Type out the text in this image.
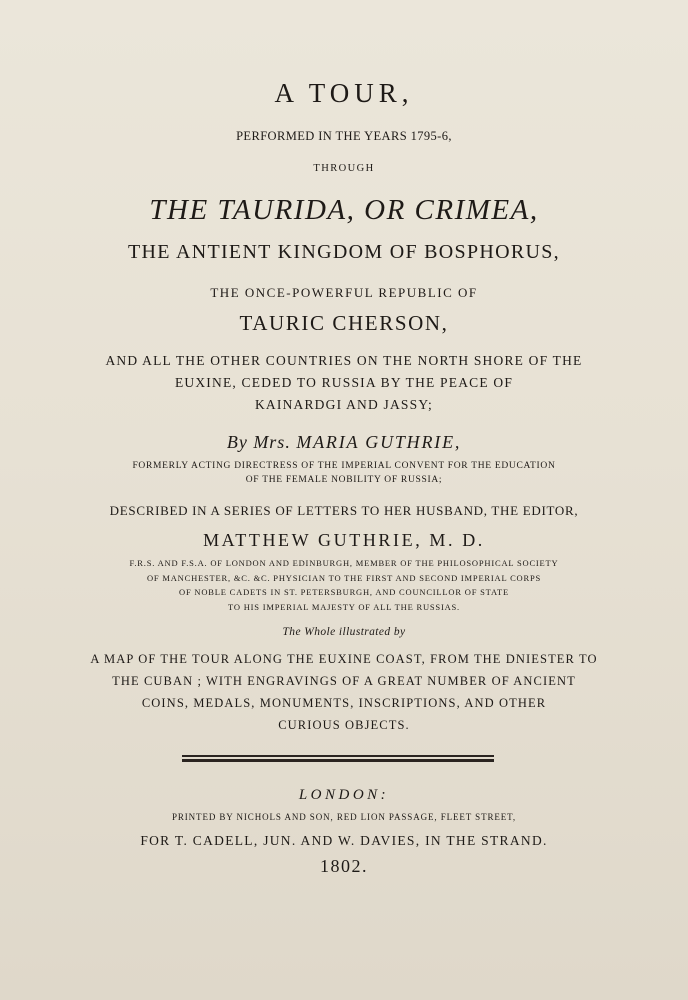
A TOUR,
PERFORMED IN THE YEARS 1795-6,
THROUGH
THE TAURIDA, OR CRIMEA,
THE ANTIENT KINGDOM OF BOSPHORUS,
THE ONCE-POWERFUL REPUBLIC OF
TAURIC CHERSON,
AND ALL THE OTHER COUNTRIES ON THE NORTH SHORE OF THE
EUXINE, CEDED TO RUSSIA BY THE PEACE OF
KAINARDGI AND JASSY;
By Mrs. MARIA GUTHRIE,
FORMERLY ACTING DIRECTRESS OF THE IMPERIAL CONVENT FOR THE EDUCATION
OF THE FEMALE NOBILITY OF RUSSIA;
DESCRIBED IN A SERIES OF LETTERS TO HER HUSBAND, THE EDITOR,
MATTHEW GUTHRIE, M. D.
F.R.S. AND F.S.A. OF LONDON AND EDINBURGH, MEMBER OF THE PHILOSOPHICAL SOCIETY
OF MANCHESTER, &C. &C. PHYSICIAN TO THE FIRST AND SECOND IMPERIAL CORPS
OF NOBLE CADETS IN ST. PETERSBURGH, AND COUNCILLOR OF STATE
TO HIS IMPERIAL MAJESTY OF ALL THE RUSSIAS.
The Whole illustrated by
A MAP OF THE TOUR ALONG THE EUXINE COAST, FROM THE DNIESTER TO
THE CUBAN ; WITH ENGRAVINGS OF A GREAT NUMBER OF ANCIENT
COINS, MEDALS, MONUMENTS, INSCRIPTIONS, AND OTHER
CURIOUS OBJECTS.
LONDON:
PRINTED BY NICHOLS AND SON, RED LION PASSAGE, FLEET STREET,
FOR T. CADELL, JUN. AND W. DAVIES, IN THE STRAND.
1802.
